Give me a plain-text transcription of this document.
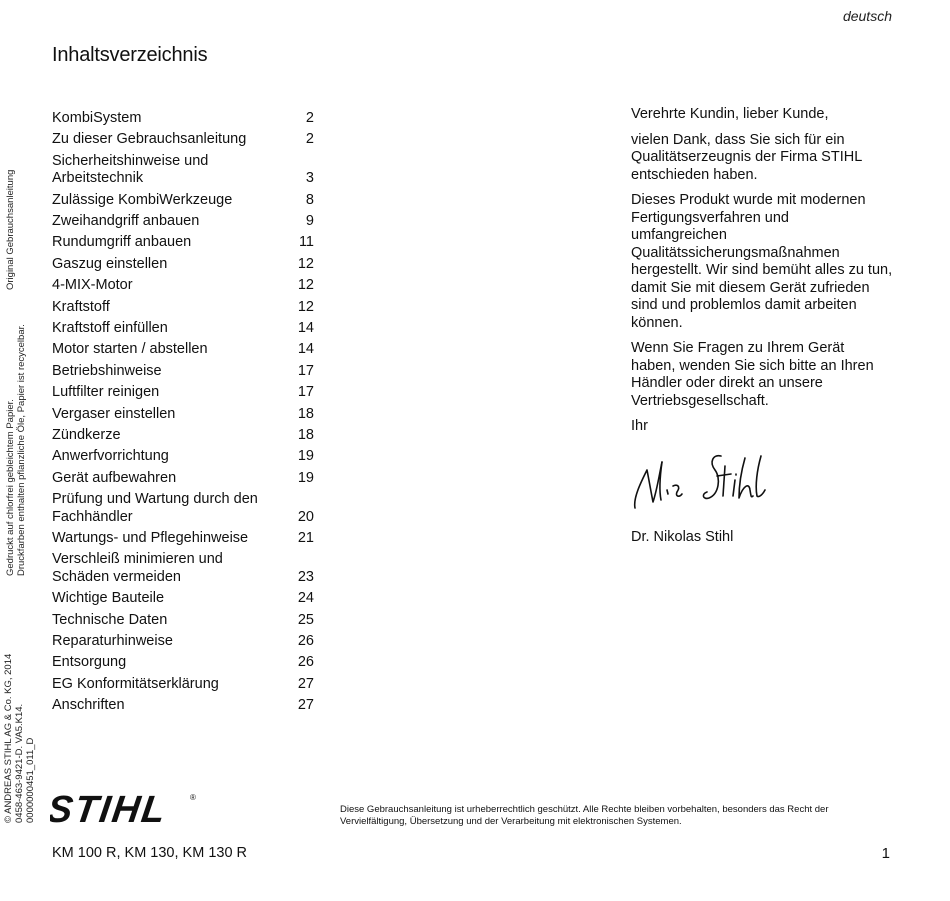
deutsch
Inhaltsverzeichnis
KombiSystem	2
Zu dieser Gebrauchsanleitung	2
Sicherheitshinweise und
Arbeitstechnik	3
Zulässige KombiWerkzeuge	8
Zweihandgriff anbauen	9
Rundumgriff anbauen	11
Gaszug einstellen	12
4-MIX-Motor	12
Kraftstoff	12
Kraftstoff einfüllen	14
Motor starten / abstellen	14
Betriebshinweise	17
Luftfilter reinigen	17
Vergaser einstellen	18
Zündkerze	18
Anwerfvorrichtung	19
Gerät aufbewahren	19
Prüfung und Wartung durch den
Fachhändler	20
Wartungs- und Pflegehinweise	21
Verschleiß minimieren und
Schäden vermeiden	23
Wichtige Bauteile	24
Technische Daten	25
Reparaturhinweise	26
Entsorgung	26
EG Konformitätserklärung	27
Anschriften	27

Verehrte Kundin, lieber Kunde,

vielen Dank, dass Sie sich für ein
Qualitätserzeugnis der Firma STIHL
entschieden haben.

Dieses Produkt wurde mit modernen
Fertigungsverfahren und
umfangreichen
Qualitätssicherungsmaßnahmen
hergestellt. Wir sind bemüht alles zu tun,
damit Sie mit diesem Gerät zufrieden
sind und problemlos damit arbeiten
können.

Wenn Sie Fragen zu Ihrem Gerät
haben, wenden Sie sich bitte an Ihren
Händler oder direkt an unsere
Vertriebsgesellschaft.

Ihr

Dr. Nikolas Stihl

Original Gebrauchsanleitung
Gedruckt auf chlorfrei gebleichtem Papier. Druckfarben enthalten pflanzliche Öle, Papier ist recycelbar.
© ANDREAS STIHL AG & Co. KG, 2014 0458-463-9421-D. VA5.K14. 0000000451_011_D STIHL	®
Diese Gebrauchsanleitung ist urheberrechtlich geschützt. Alle Rechte bleiben vorbehalten, besonders das Recht der Vervielfältigung, Übersetzung und der Verarbeitung mit elektronischen Systemen.
KM 100 R, KM 130, KM 130 R	1
